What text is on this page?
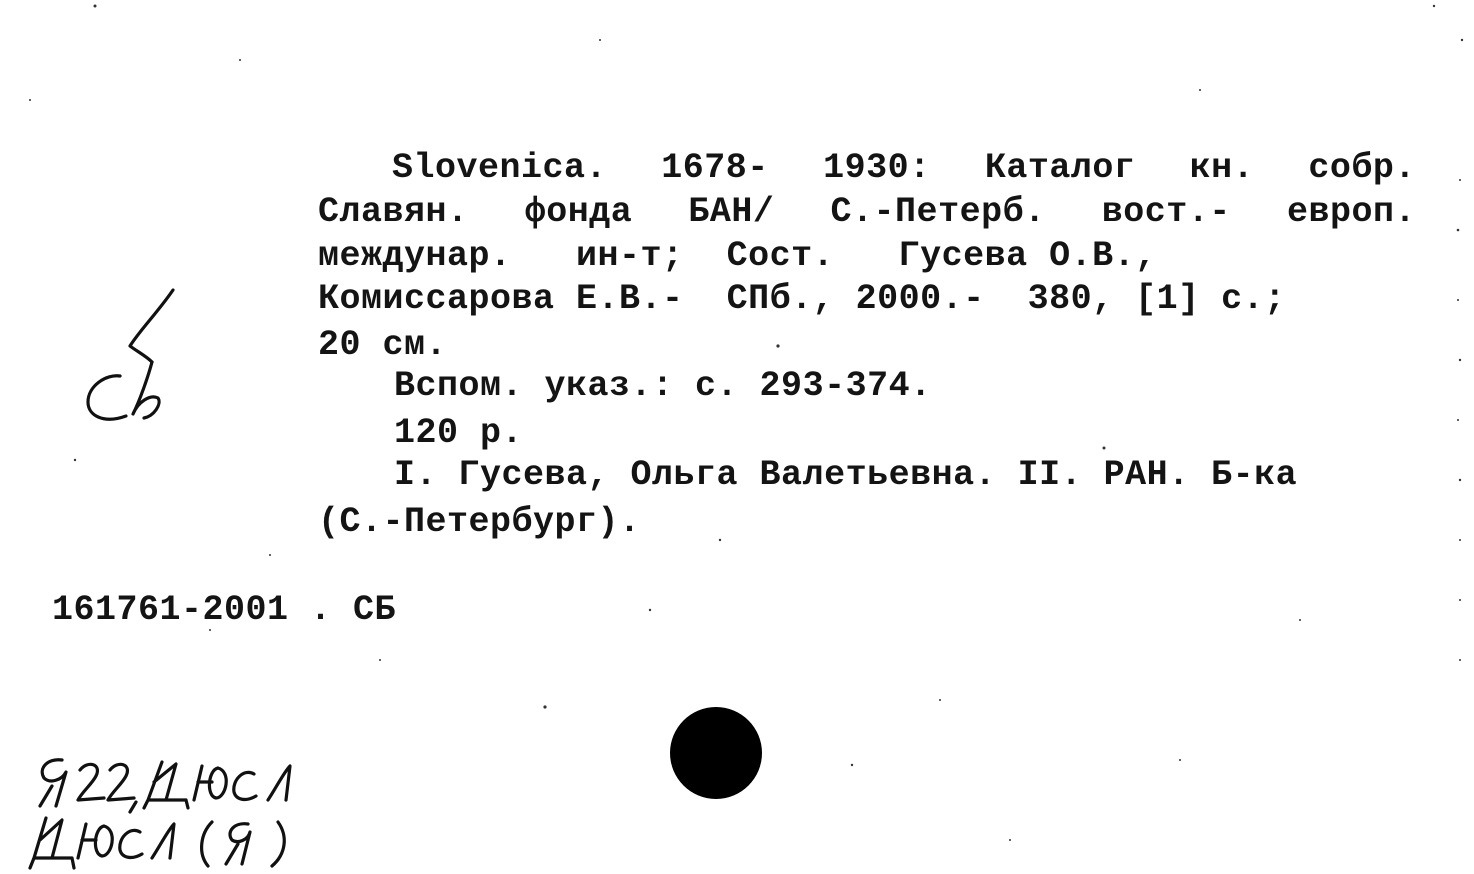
Slovenica. 1678- 1930: Каталог кн. собр.
Славян. фонда БАН/ С.-Петерб. вост.- европ.
междунар.   ин-т;  Сост.   Гусева О.В.,
Комиссарова Е.В.-  СПб., 2000.-  380, [1] с.;
20 см.
Вспом. указ.: с. 293-374.
120 р.
I. Гусева, Ольга Валетьевна. II. РАН. Б-ка
(С.-Петербург).
161761-2001 . СБ
